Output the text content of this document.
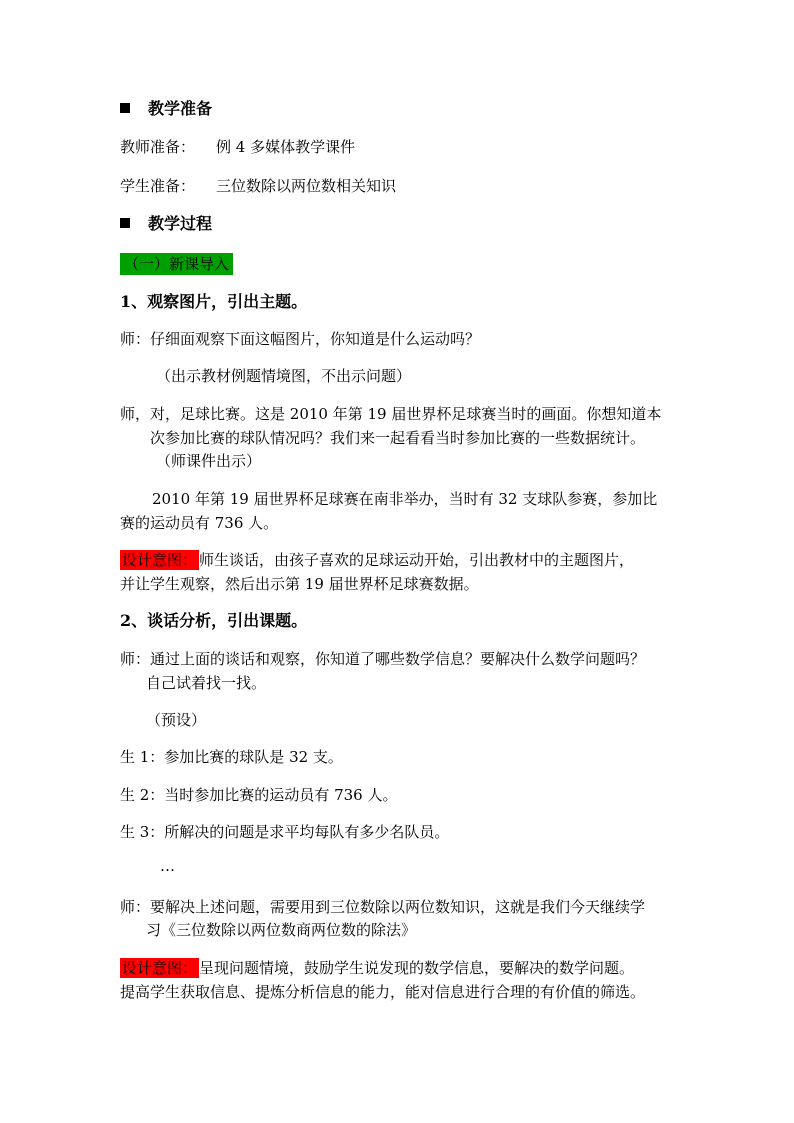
教学准备
教师准备： 例 4 多媒体教学课件
学生准备： 三位数除以两位数相关知识
教学过程
（一）新课导入
1、观察图片，引出主题。
师：仔细面观察下面这幅图片，你知道是什么运动吗？
（出示教材例题情境图，不出示问题）
师，对，足球比赛。这是 2010 年第 19 届世界杯足球赛当时的画面。你想知道本
次参加比赛的球队情况吗？我们来一起看看当时参加比赛的一些数据统计。
（师课件出示）
2010 年第 19 届世界杯足球赛在南非举办，当时有 32 支球队参赛，参加比
赛的运动员有 736 人。
设计意图： 师生谈话，由孩子喜欢的足球运动开始，引出教材中的主题图片，
并让学生观察，然后出示第 19 届世界杯足球赛数据。
2、谈话分析，引出课题。
师：通过上面的谈话和观察，你知道了哪些数学信息？要解决什么数学问题吗？
自己试着找一找。
（预设）
生 1：参加比赛的球队是 32 支。
生 2：当时参加比赛的运动员有 736 人。
生 3：所解决的问题是求平均每队有多少名队员。
…
师：要解决上述问题，需要用到三位数除以两位数知识，这就是我们今天继续学
习《三位数除以两位数商两位数的除法》
设计意图： 呈现问题情境，鼓励学生说发现的数学信息，要解决的数学问题。
提高学生获取信息、提炼分析信息的能力，能对信息进行合理的有价值的筛选。
